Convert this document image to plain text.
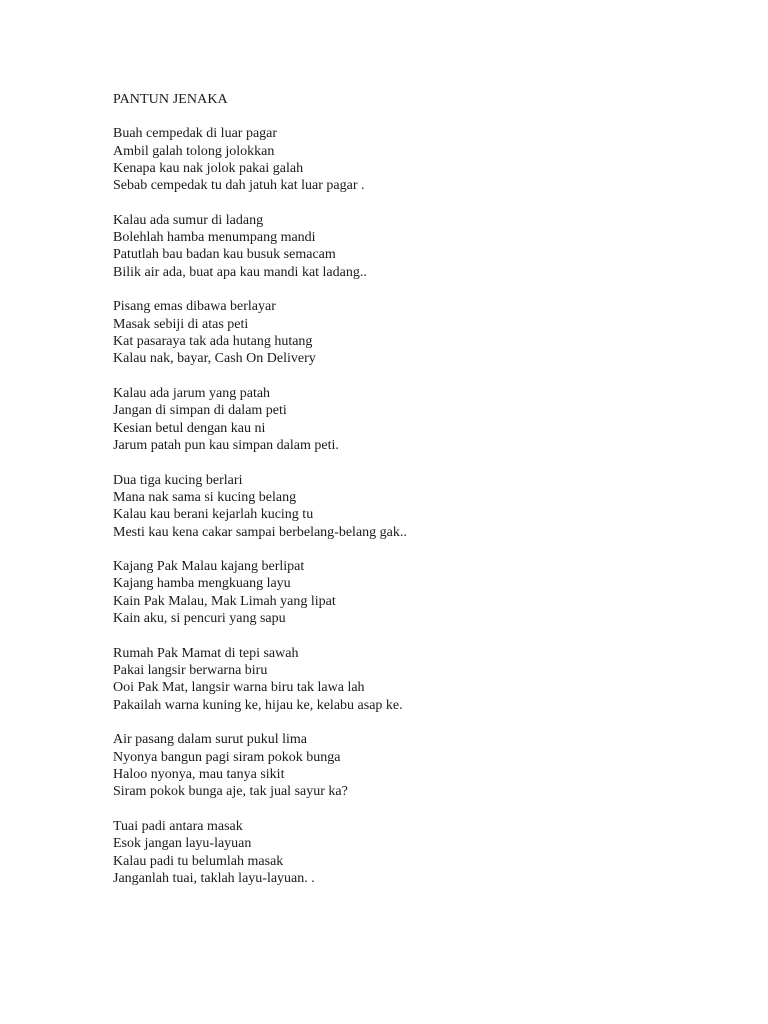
PANTUN JENAKA
Buah cempedak di luar pagar
Ambil galah tolong jolokkan
Kenapa kau nak jolok pakai galah
Sebab cempedak tu dah jatuh kat luar pagar .
Kalau ada sumur di ladang
Bolehlah hamba menumpang mandi
Patutlah bau badan kau busuk semacam
Bilik air ada, buat apa kau mandi kat ladang..
Pisang emas dibawa berlayar
Masak sebiji di atas peti
Kat pasaraya tak ada hutang hutang
Kalau nak, bayar, Cash On Delivery
Kalau ada jarum yang patah
Jangan di simpan di dalam peti
Kesian betul dengan kau ni
Jarum patah pun kau simpan dalam peti.
Dua tiga kucing berlari
Mana nak sama si kucing belang
Kalau kau berani kejarlah kucing tu
Mesti kau kena cakar sampai berbelang-belang gak..
Kajang Pak Malau kajang berlipat
Kajang hamba mengkuang layu
Kain Pak Malau, Mak Limah yang lipat
Kain aku, si pencuri yang sapu
Rumah Pak Mamat di tepi sawah
Pakai langsir berwarna biru
Ooi Pak Mat, langsir warna biru tak lawa lah
Pakailah warna kuning ke, hijau ke, kelabu asap ke.
Air pasang dalam surut pukul lima
Nyonya bangun pagi siram pokok bunga
Haloo nyonya, mau tanya sikit
Siram pokok bunga aje, tak jual sayur ka?
Tuai padi antara masak
Esok jangan layu-layuan
Kalau padi tu belumlah masak
Janganlah tuai, taklah layu-layuan. .
